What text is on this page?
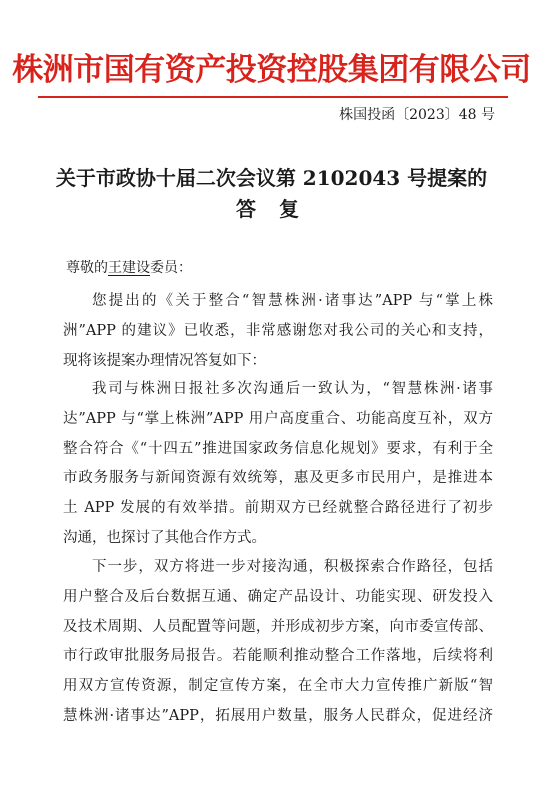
株洲市国有资产投资控股集团有限公司
株国投函〔2023〕48 号
关于市政协十届二次会议第 2102043 号提案的
答 复
尊敬的王建设委员：
您提出的《关于整合“智慧株洲·诸事达”APP 与“掌上株
洲”APP 的建议》已收悉，非常感谢您对我公司的关心和支持，
现将该提案办理情况答复如下：
我司与株洲日报社多次沟通后一致认为，“智慧株洲·诸事
达”APP 与“掌上株洲”APP 用户高度重合、功能高度互补，双方
整合符合《“十四五”推进国家政务信息化规划》要求，有利于全
市政务服务与新闻资源有效统筹，惠及更多市民用户，是推进本
土 APP 发展的有效举措。前期双方已经就整合路径进行了初步
沟通，也探讨了其他合作方式。
下一步，双方将进一步对接沟通，积极探索合作路径，包括
用户整合及后台数据互通、确定产品设计、功能实现、研发投入
及技术周期、人员配置等问题，并形成初步方案，向市委宣传部、
市行政审批服务局报告。若能顺利推动整合工作落地，后续将利
用双方宣传资源，制定宣传方案，在全市大力宣传推广新版“智
慧株洲·诸事达”APP，拓展用户数量，服务人民群众，促进经济
